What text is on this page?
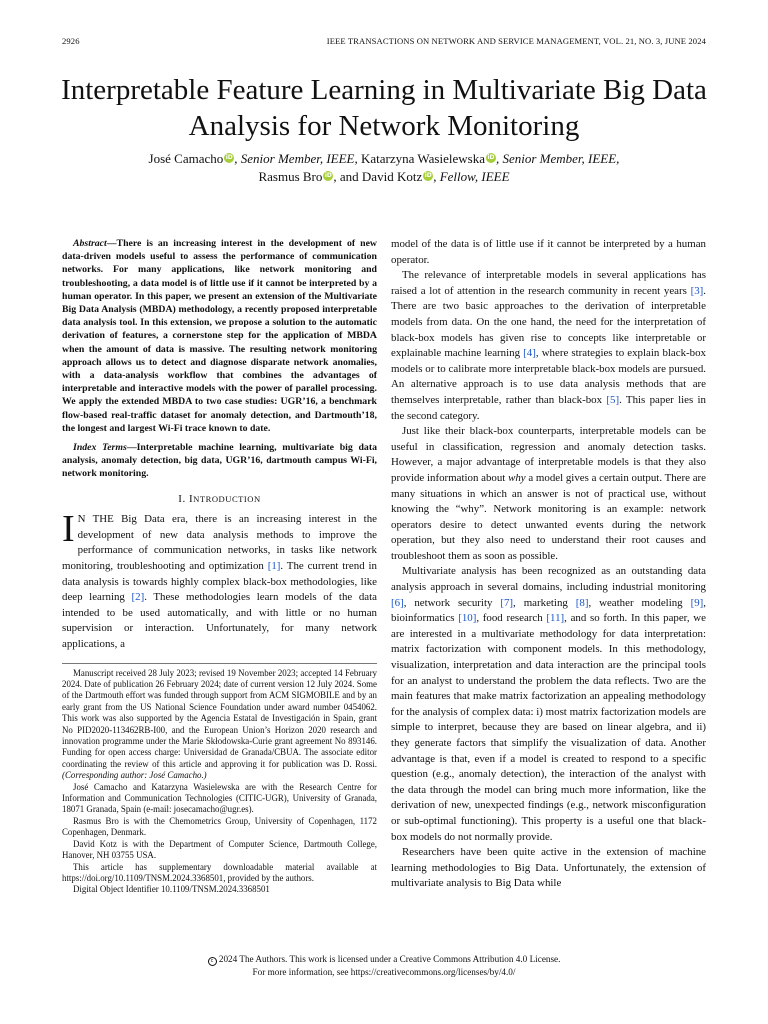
2926	IEEE TRANSACTIONS ON NETWORK AND SERVICE MANAGEMENT, VOL. 21, NO. 3, JUNE 2024
Interpretable Feature Learning in Multivariate Big Data Analysis for Network Monitoring
José Camacho iD, Senior Member, IEEE, Katarzyna Wasielewska iD, Senior Member, IEEE,
Rasmus Bro iD, and David Kotz iD, Fellow, IEEE

Abstract—There is an increasing interest in the development of new data-driven models useful to assess the performance of communication networks. For many applications, like network monitoring and troubleshooting, a data model is of little use if it cannot be interpreted by a human operator. In this paper, we present an extension of the Multivariate Big Data Analysis (MBDA) methodology, a recently proposed interpretable data analysis tool. In this extension, we propose a solution to the automatic derivation of features, a cornerstone step for the application of MBDA when the amount of data is massive. The resulting network monitoring approach allows us to detect and diagnose disparate network anomalies, with a data-analysis workflow that combines the advantages of interpretable and interactive models with the power of parallel processing. We apply the extended MBDA to two case studies: UGR’16, a benchmark flow-based real-traffic dataset for anomaly detection, and Dartmouth’18, the longest and largest Wi-Fi trace known to date.

Index Terms—Interpretable machine learning, multivariate big data analysis, anomaly detection, big data, UGR’16, dartmouth campus Wi-Fi, network monitoring.

I. INTRODUCTION

I N THE Big Data era, there is an increasing interest in the development of new data analysis methods to improve the performance of communication networks, in tasks like network monitoring, troubleshooting and optimization [1]. The current trend in data analysis is towards highly complex black-box methodologies, like deep learning [2]. These methodologies learn models of the data intended to be used automatically, and with little or no human supervision or interaction. Unfortunately, for many network applications, a

Manuscript received 28 July 2023; revised 19 November 2023; accepted 14 February 2024. Date of publication 26 February 2024; date of current version 12 July 2024. Some of the Dartmouth effort was funded through support from ACM SIGMOBILE and by an early grant from the US National Science Foundation under award number 0454062. This work was also supported by the Agencia Estatal de Investigación in Spain, grant No PID2020-113462RB-I00, and the European Union’s Horizon 2020 research and innovation programme under the Marie Skłodowska-Curie grant agreement No 893146. Funding for open access charge: Universidad de Granada/CBUA. The associate editor coordinating the review of this article and approving it for publication was D. Rossi. (Corresponding author: José Camacho.)

José Camacho and Katarzyna Wasielewska are with the Research Centre for Information and Communication Technologies (CITIC-UGR), University of Granada, 18071 Granada, Spain (e-mail: josecamacho@ugr.es).

Rasmus Bro is with the Chemometrics Group, University of Copenhagen, 1172 Copenhagen, Denmark.

David Kotz is with the Department of Computer Science, Dartmouth College, Hanover, NH 03755 USA.

This article has supplementary downloadable material available at https://doi.org/10.1109/TNSM.2024.3368501, provided by the authors.

Digital Object Identifier 10.1109/TNSM.2024.3368501

model of the data is of little use if it cannot be interpreted by a human operator.

The relevance of interpretable models in several applications has raised a lot of attention in the research community in recent years [3]. There are two basic approaches to the derivation of interpretable models from data. On the one hand, the need for the interpretation of black-box models has given rise to concepts like interpretable or explainable machine learning [4], where strategies to explain black-box models or to calibrate more interpretable black-box models are pursued. An alternative approach is to use data analysis methods that are themselves interpretable, rather than black-box [5]. This paper lies in the second category.

Just like their black-box counterparts, interpretable models can be useful in classification, regression and anomaly detection tasks. However, a major advantage of interpretable models is that they also provide information about why a model gives a certain output. There are many situations in which an answer is not of practical use, without knowing the “why”. Network monitoring is an example: network operators desire to detect unwanted events during the network operation, but they also need to understand their root causes and troubleshoot them as soon as possible.

Multivariate analysis has been recognized as an outstanding data analysis approach in several domains, including industrial monitoring [6], network security [7], marketing [8], weather modeling [9], bioinformatics [10], food research [11], and so forth. In this paper, we are interested in a multivariate methodology for data interpretation: matrix factorization with component models. In this methodology, visualization, interpretation and data interaction are the principal tools for an analyst to understand the problem the data reflects. Two are the main features that make matrix factorization an appealing methodology for the analysis of complex data: i) most matrix factorization models are simple to interpret, because they are based on linear algebra, and ii) they generate factors that simplify the visualization of data. Another advantage is that, even if a model is created to respond to a specific question (e.g., anomaly detection), the interaction of the analyst with the data through the model can bring much more information, like the derivation of new, unexpected findings (e.g., network misconfiguration or sub-optimal functioning). This property is a useful one that black-box models do not normally provide.

Researchers have been quite active in the extension of machine learning methodologies to Big Data. Unfortunately, the extension of multivariate analysis to Big Data while

c 2024 The Authors. This work is licensed under a Creative Commons Attribution 4.0 License.
For more information, see https://creativecommons.org/licenses/by/4.0/
